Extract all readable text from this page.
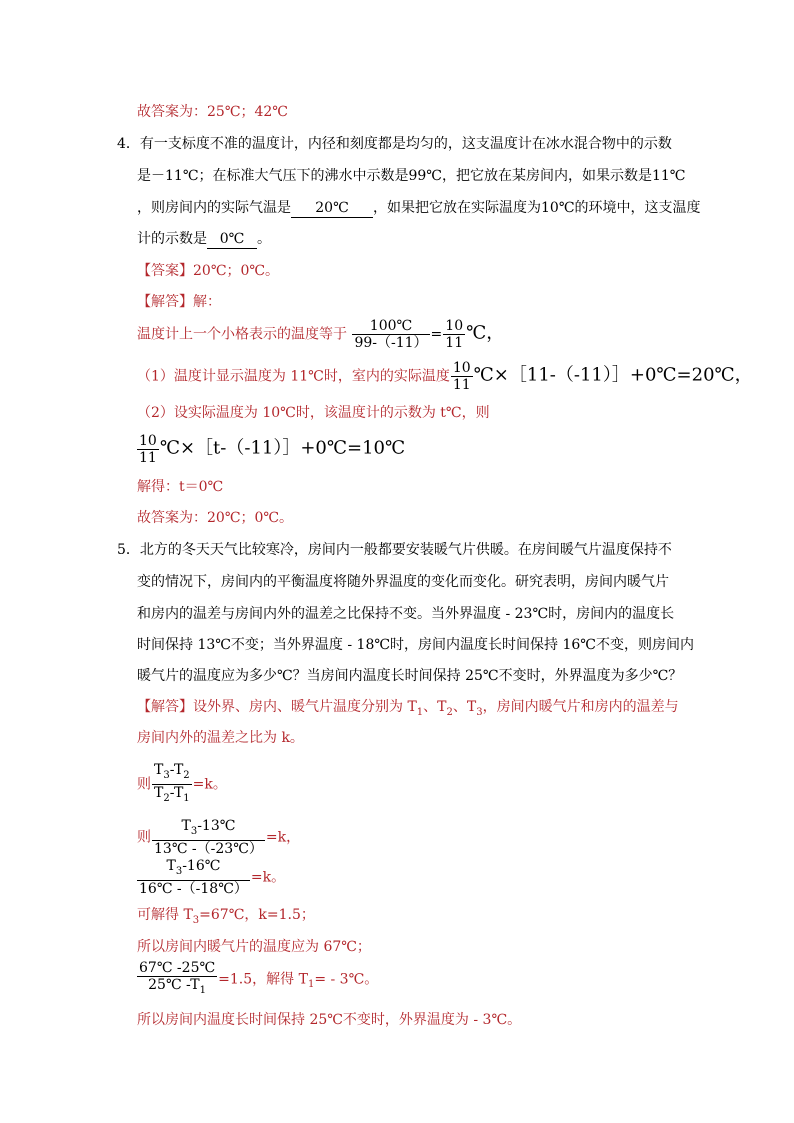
故答案为：25℃；42℃
4．有一支标度不准的温度计，内径和刻度都是均匀的，这支温度计在冰水混合物中的示数
是－11℃；在标准大气压下的沸水中示数是99℃，把它放在某房间内，如果示数是11℃
，则房间内的实际气温是 20℃ ，如果把它放在实际温度为10℃的环境中，这支温度
计的示数是 0℃ 。
【答案】20℃；0℃。
【解答】解：
温度计上一个小格表示的温度等于 $\frac{100℃}{99-(-11)} = \frac{10}{11}$ ℃，
（1）温度计显示温度为 11℃时，室内的实际温度 $\frac{10}{11}$ ℃×［11-（-11）］+0℃=20℃，
（2）设实际温度为 10℃时，该温度计的示数为 t℃，则
$\frac{10}{11}$ ℃×［t-（-11）］+0℃=10℃
解得：t＝0℃
故答案为：20℃；0℃。
5．北方的冬天天气比较寒冷，房间内一般都要安装暖气片供暖。在房间暖气片温度保持不
变的情况下，房间内的平衡温度将随外界温度的变化而变化。研究表明，房间内暖气片
和房内的温差与房间内外的温差之比保持不变。当外界温度 - 23℃时，房间内的温度长
时间保持 13℃不变；当外界温度 - 18℃时，房间内温度长时间保持 16℃不变，则房间内
暖气片的温度应为多少℃？当房间内温度长时间保持 25℃不变时，外界温度为多少℃？
【解答】设外界、房内、暖气片温度分别为 $T_1$、$T_2$、$T_3$，房间内暖气片和房内的温差与
房间内外的温差之比为 k。
则 $\frac{T_3-T_2}{T_2-T_1} =k$。
则 $\frac{T_3-13℃}{13℃ -(-23℃)} =k$，
$\frac{T_3-16℃}{16℃ -(-18℃)} =k$。
可解得 $T_3=67℃$，k=1.5；
所以房间内暖气片的温度应为 67℃；
$\frac{67℃ -25℃}{25℃ -T_1} =1.5$，解得 $T_1=$ - 3℃。
所以房间内温度长时间保持 25℃不变时，外界温度为 - 3℃。
